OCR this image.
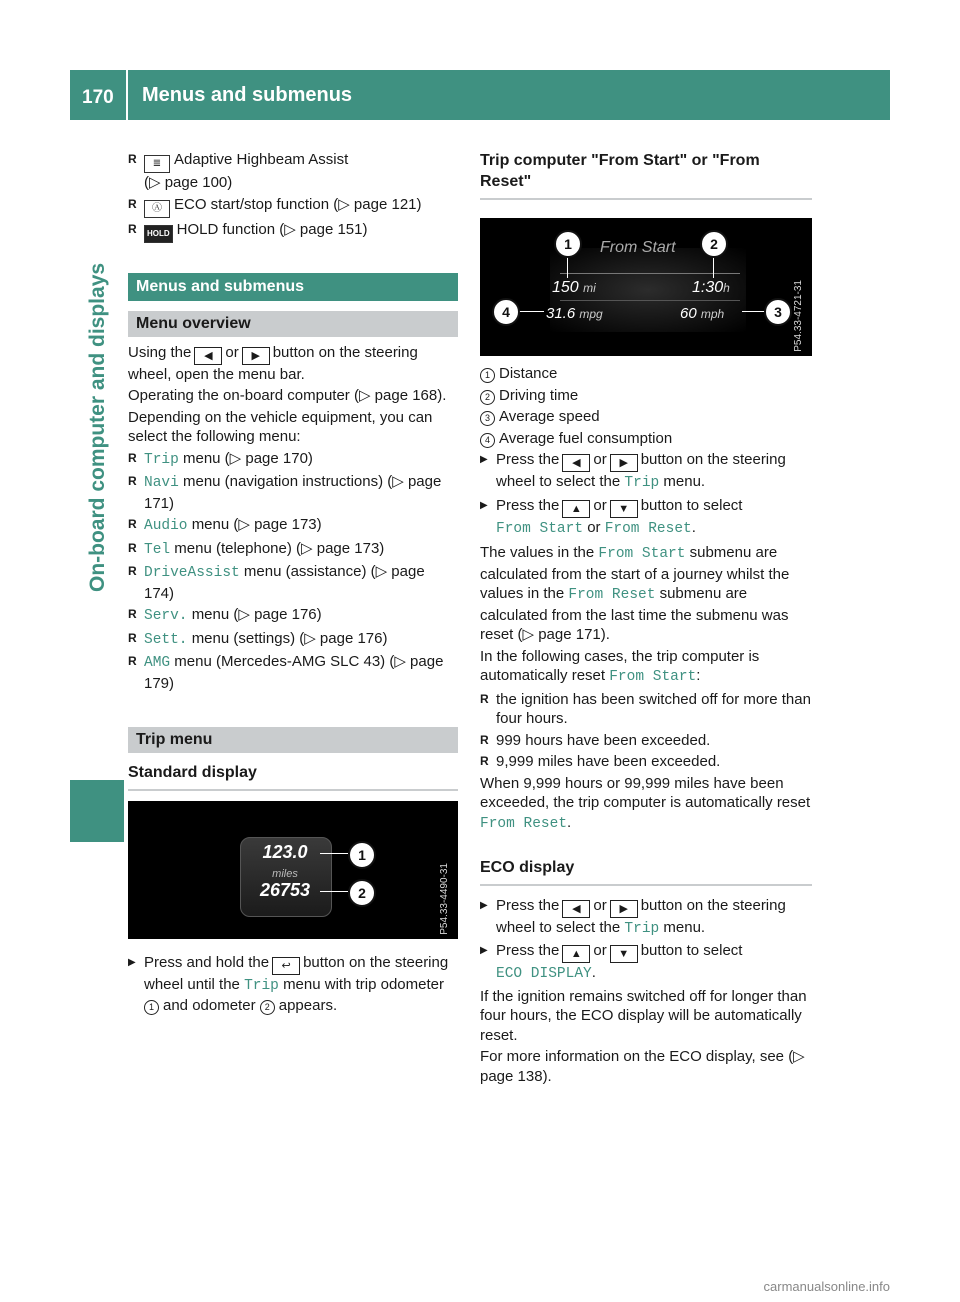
170 Menus and submenus
On-board computer and displays
R ≣ Adaptive Highbeam Assist
(▷ page 100)
R Ⓐ ECO start/stop function (▷ page 121)
R HOLD HOLD function (▷ page 151)
Menus and submenus
Menu overview

Using the ◀ or ▶ button on the steering wheel, open the menu bar.

Operating the on-board computer (▷ page 168).

Depending on the vehicle equipment, you can select the following menu:

R Trip menu (▷ page 170)
R Navi menu (navigation instructions) (▷ page 171)
R Audio menu (▷ page 173)
R Tel menu (telephone) (▷ page 173)
R DriveAssist menu (assistance) (▷ page 174)
R Serv. menu (▷ page 176)
R Sett. menu (settings) (▷ page 176)
R AMG menu (Mercedes-AMG SLC 43) (▷ page 179)
Trip menu
Standard display
123.0
miles
26753
1
2	P54.33-4490-31
▶ Press and hold the ↩ button on the steering wheel until the Trip menu with trip odometer 1 and odometer 2 appears.
Trip computer "From Start" or "From Reset"
From Start
150 mi	1:30h
31.6 mpg	60 mph
1	2
3
4	P54.33-4721-31

1 Distance

2 Driving time

3 Average speed

4 Average fuel consumption

▶ Press the ◀ or ▶ button on the steering wheel to select the Trip menu.
▶ Press the ▲ or ▼ button to select
From Start or From Reset.

The values in the From Start submenu are calculated from the start of a journey whilst the values in the From Reset submenu are calculated from the last time the submenu was reset (▷ page 171).

In the following cases, the trip computer is automatically reset From Start:

R the ignition has been switched off for more than four hours.
R 999 hours have been exceeded.
R 9,999 miles have been exceeded.

When 9,999 hours or 99,999 miles have been exceeded, the trip computer is automatically reset From Reset.

ECO display
▶ Press the ◀ or ▶ button on the steering wheel to select the Trip menu.
▶ Press the ▲ or ▼ button to select
ECO DISPLAY.

If the ignition remains switched off for longer than four hours, the ECO display will be automatically reset.

For more information on the ECO display, see (▷ page 138).

carmanualsonline.info
